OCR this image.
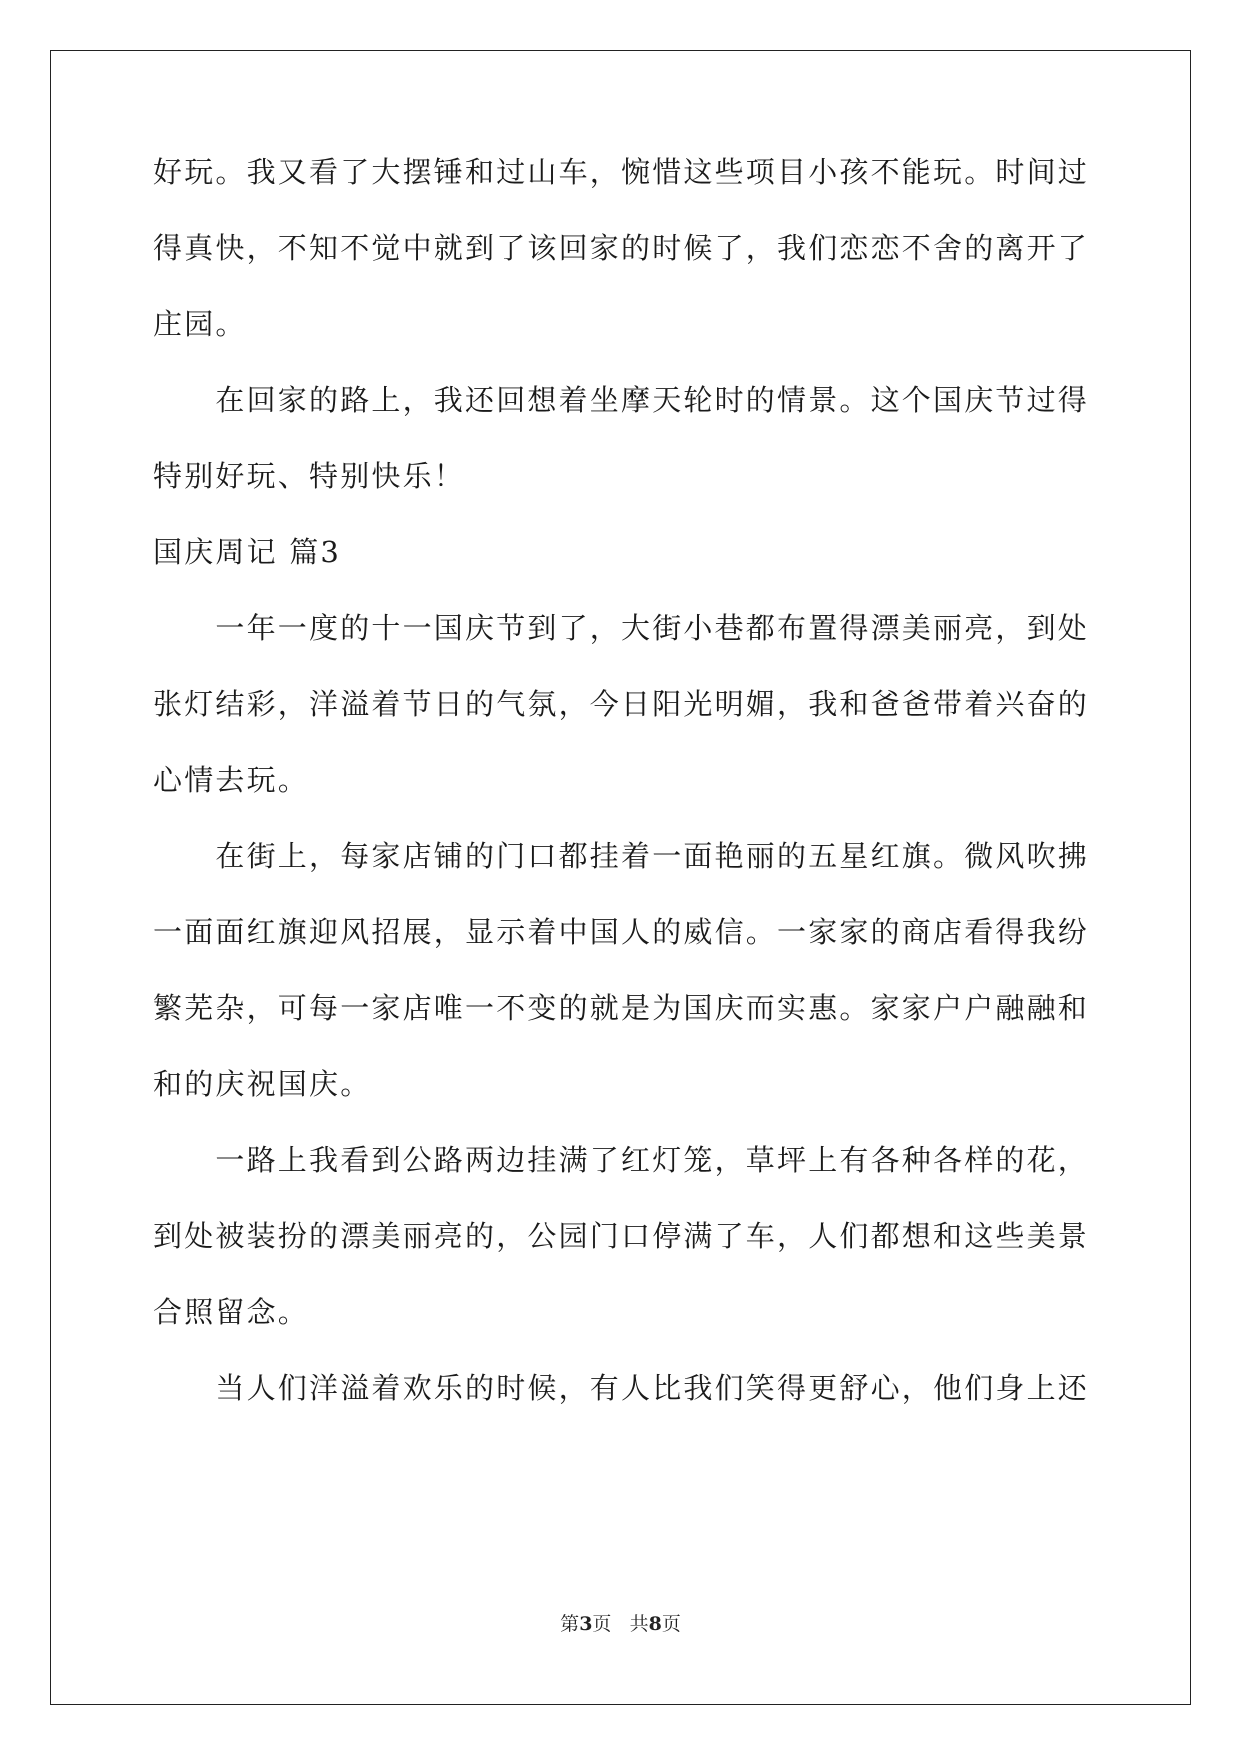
好玩。我又看了大摆锤和过山车，惋惜这些项目小孩不能玩。时间过
得真快，不知不觉中就到了该回家的时候了，我们恋恋不舍的离开了
庄园。
　　在回家的路上，我还回想着坐摩天轮时的情景。这个国庆节过得
特别好玩、特别快乐！
国庆周记 篇3
　　一年一度的十一国庆节到了，大街小巷都布置得漂美丽亮，到处
张灯结彩，洋溢着节日的气氛，今日阳光明媚，我和爸爸带着兴奋的
心情去玩。
　　在街上，每家店铺的门口都挂着一面艳丽的五星红旗。微风吹拂
一面面红旗迎风招展，显示着中国人的威信。一家家的商店看得我纷
繁芜杂，可每一家店唯一不变的就是为国庆而实惠。家家户户融融和
和的庆祝国庆。
　　一路上我看到公路两边挂满了红灯笼，草坪上有各种各样的花，
到处被装扮的漂美丽亮的，公园门口停满了车，人们都想和这些美景
合照留念。
　　当人们洋溢着欢乐的时候，有人比我们笑得更舒心，他们身上还
第3页 共8页
